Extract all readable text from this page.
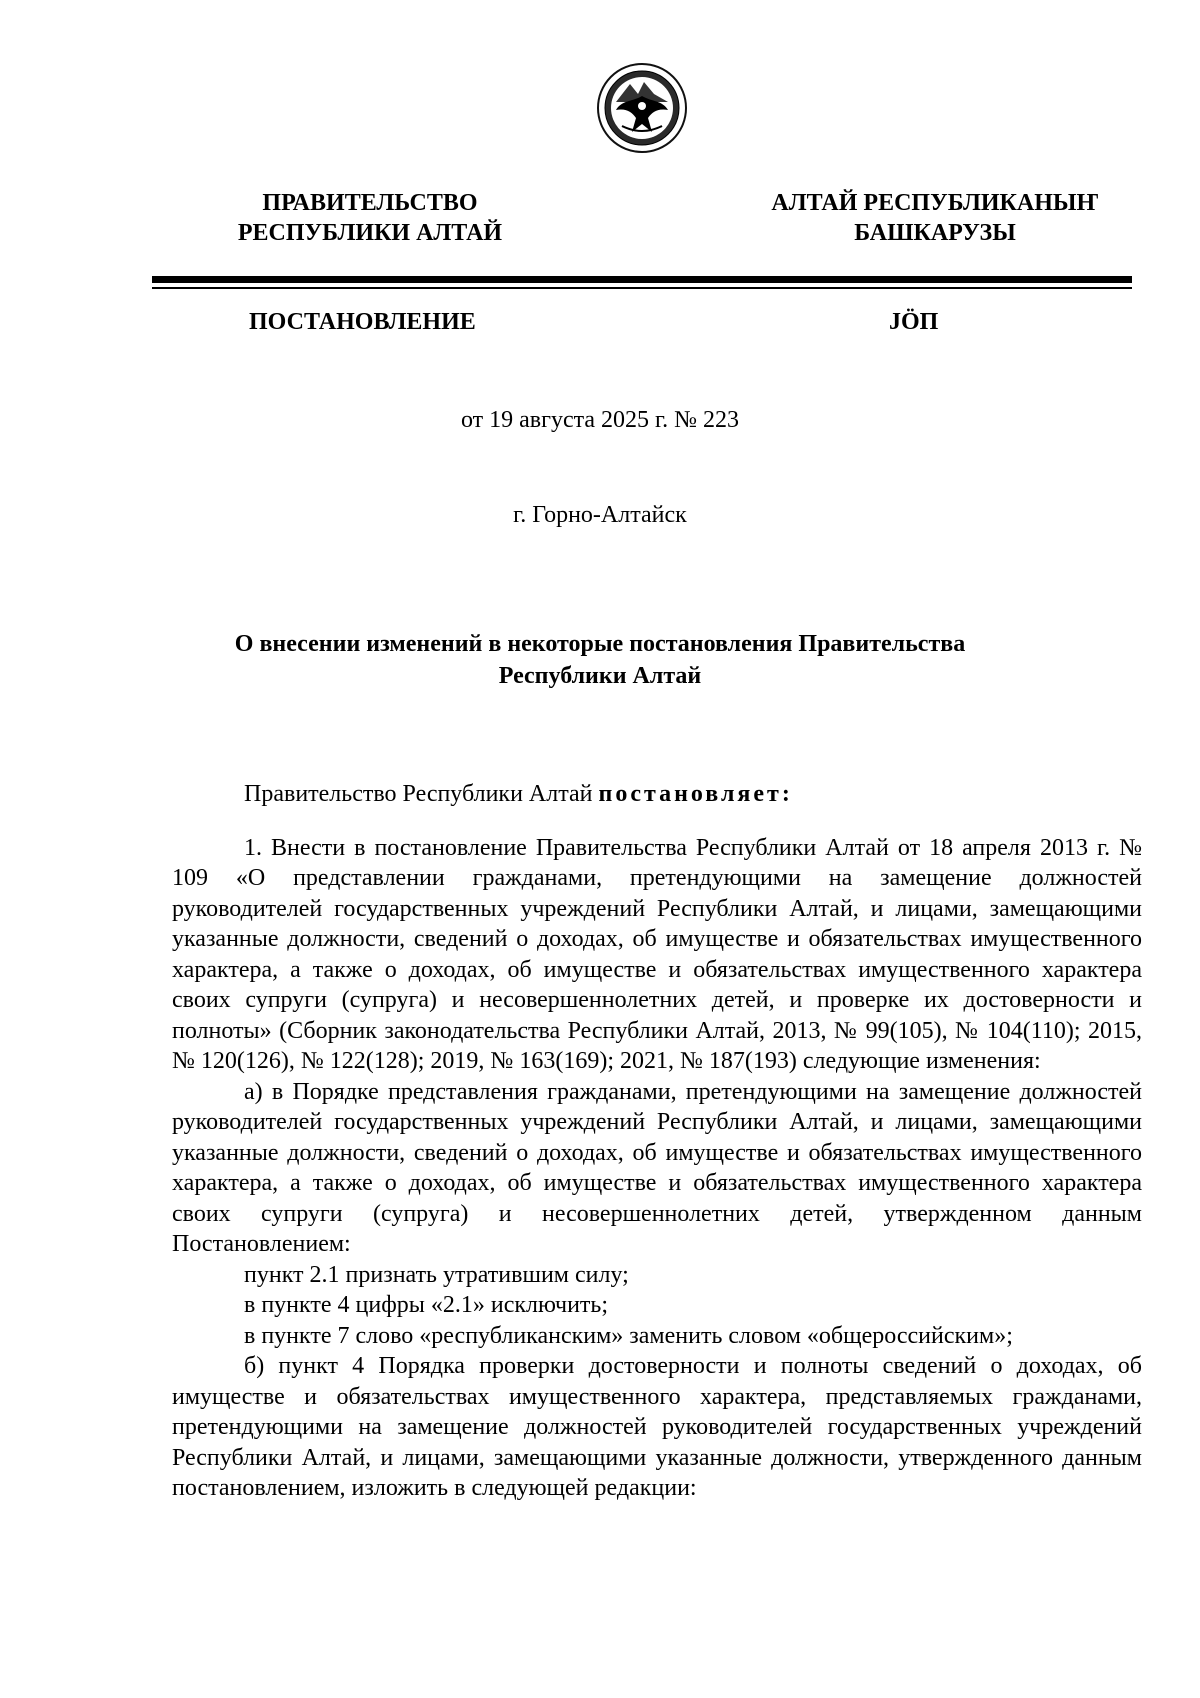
ПРАВИТЕЛЬСТВО
РЕСПУБЛИКИ АЛТАЙ
АЛТАЙ РЕСПУБЛИКАНЫҤ
БАШКАРУЗЫ
ПОСТАНОВЛЕНИЕ	JӦП
от 19 августа 2025 г. № 223
г. Горно-Алтайск
О внесении изменений в некоторые постановления Правительства
Республики Алтай

Правительство Республики Алтай постановляет:

1. Внести в постановление Правительства Республики Алтай от 18 апреля 2013 г. № 109 «О представлении гражданами, претендующими на замещение должностей руководителей государственных учреждений Республики Алтай, и лицами, замещающими указанные должности, сведений о доходах, об имуществе и обязательствах имущественного характера, а также о доходах, об имуществе и обязательствах имущественного характера своих супруги (супруга) и несовершеннолетних детей, и проверке их достоверности и полноты» (Сборник законодательства Республики Алтай, 2013, № 99(105), № 104(110); 2015, № 120(126), № 122(128); 2019, № 163(169); 2021, № 187(193) следующие изменения:

а) в Порядке представления гражданами, претендующими на замещение должностей руководителей государственных учреждений Республики Алтай, и лицами, замещающими указанные должности, сведений о доходах, об имуществе и обязательствах имущественного характера, а также о доходах, об имуществе и обязательствах имущественного характера своих супруги (супруга) и несовершеннолетних детей, утвержденном данным Постановлением:

пункт 2.1 признать утратившим силу;

в пункте 4 цифры «2.1» исключить;

в пункте 7 слово «республиканским» заменить словом «общероссийским»;

б) пункт 4 Порядка проверки достоверности и полноты сведений о доходах, об имуществе и обязательствах имущественного характера, представляемых гражданами, претендующими на замещение должностей руководителей государственных учреждений Республики Алтай, и лицами, замещающими указанные должности, утвержденного данным постановлением, изложить в следующей редакции:
